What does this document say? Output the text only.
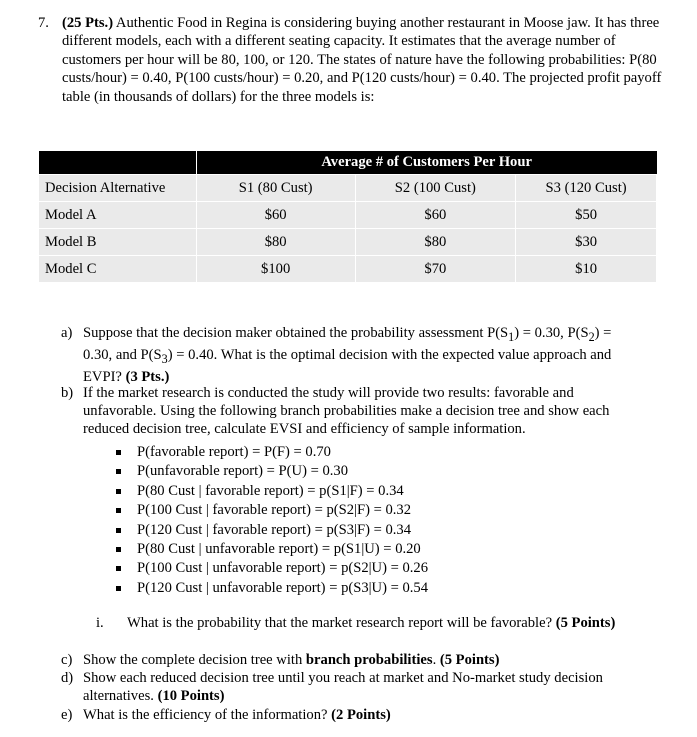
7. (25 Pts.) Authentic Food in Regina is considering buying another restaurant in Moose jaw. It has three different models, each with a different seating capacity. It estimates that the average number of customers per hour will be 80, 100, or 120. The states of nature have the following probabilities: P(80 custs/hour) = 0.40, P(100 custs/hour) = 0.20, and P(120 custs/hour) = 0.40. The projected profit payoff table (in thousands of dollars) for the three models is:
	Average # of Customers Per Hour		
Decision Alternative	S1 (80 Cust)	S2 (100 Cust)	S3 (120 Cust)
Model A	$60	$60	$50
Model B	$80	$80	$30
Model C	$100	$70	$10

a) Suppose that the decision maker obtained the probability assessment $P(S_1) = 0.30$, $P(S_2) = 0.30$, and $P(S_3) = 0.40$. What is the optimal decision with the expected value approach and EVPI? (3 Pts.)
b) If the market research is conducted the study will provide two results: favorable and unfavorable. Using the following branch probabilities make a decision tree and show each reduced decision tree, calculate EVSI and efficiency of sample information.
P(favorable report) = P(F) = 0.70
P(unfavorable report) = P(U) = 0.30
P(80 Cust | favorable report) = p(S1|F) = 0.34
P(100 Cust | favorable report) = p(S2|F) = 0.32
P(120 Cust | favorable report) = p(S3|F) = 0.34
P(80 Cust | unfavorable report) = p(S1|U) = 0.20
P(100 Cust | unfavorable report) = p(S2|U) = 0.26
P(120 Cust | unfavorable report) = p(S3|U) = 0.54
i. What is the probability that the market research report will be favorable? (5 Points)
c) Show the complete decision tree with branch probabilities. (5 Points)
d) Show each reduced decision tree until you reach at market and No-market study decision alternatives. (10 Points)
e) What is the efficiency of the information? (2 Points)
